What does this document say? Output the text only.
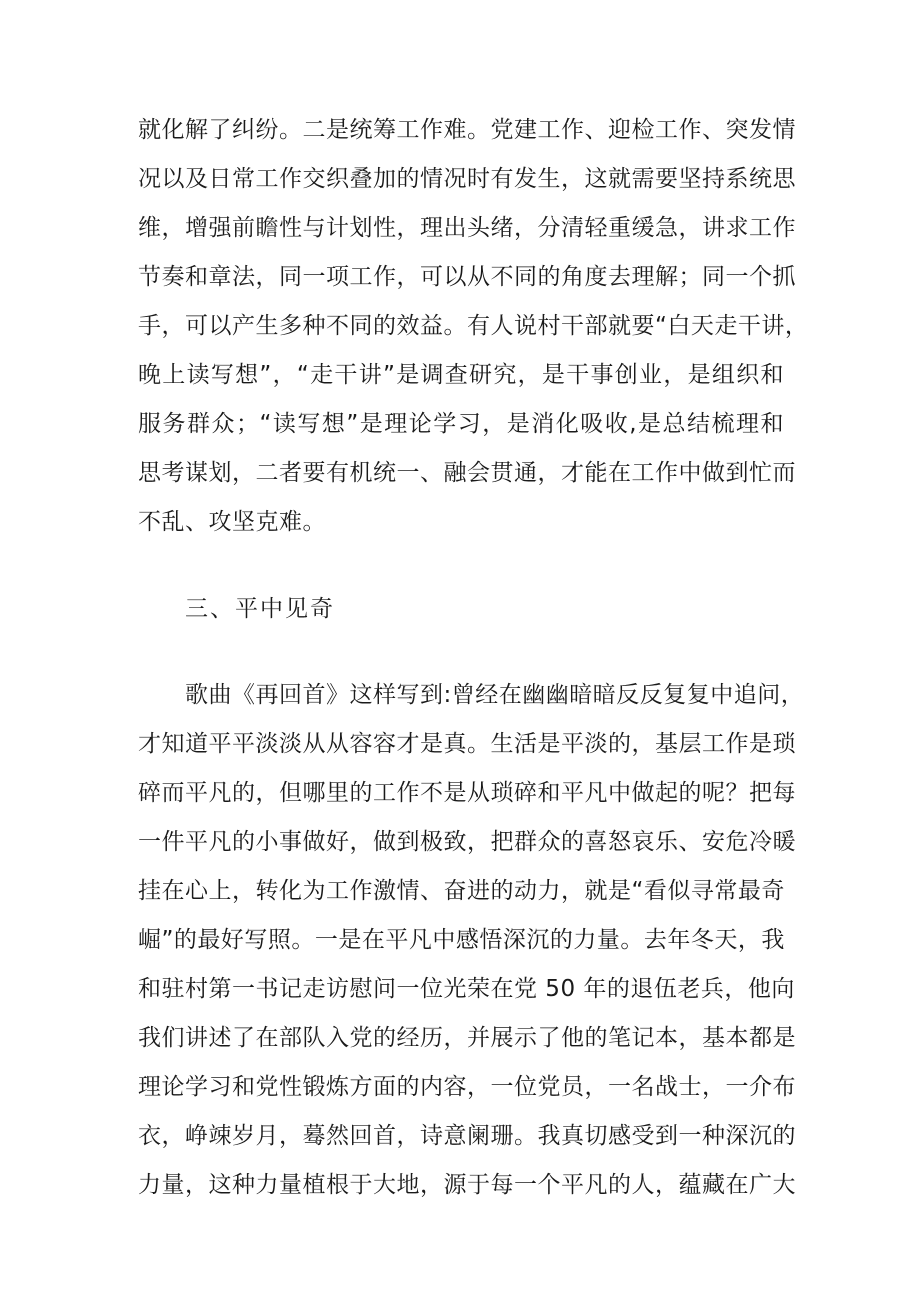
就化解了纠纷。二是统筹工作难。党建工作、迎检工作、突发情
况以及日常工作交织叠加的情况时有发生，这就需要坚持系统思
维，增强前瞻性与计划性，理出头绪，分清轻重缓急，讲求工作
节奏和章法，同一项工作，可以从不同的角度去理解；同一个抓
手，可以产生多种不同的效益。有人说村干部就要“白天走干讲，
晚上读写想”，“走干讲”是调查研究，是干事创业，是组织和
服务群众；“读写想”是理论学习，是消化吸收,是总结梳理和
思考谋划，二者要有机统一、融会贯通，才能在工作中做到忙而
不乱、攻坚克难。
三、平中见奇
歌曲《再回首》这样写到:曾经在幽幽暗暗反反复复中追问，
才知道平平淡淡从从容容才是真。生活是平淡的，基层工作是琐
碎而平凡的，但哪里的工作不是从琐碎和平凡中做起的呢？把每
一件平凡的小事做好，做到极致，把群众的喜怒哀乐、安危冷暖
挂在心上，转化为工作激情、奋进的动力，就是“看似寻常最奇
崛”的最好写照。一是在平凡中感悟深沉的力量。去年冬天，我
和驻村第一书记走访慰问一位光荣在党 50 年的退伍老兵，他向
我们讲述了在部队入党的经历，并展示了他的笔记本，基本都是
理论学习和党性锻炼方面的内容，一位党员，一名战士，一介布
衣，峥竦岁月，蓦然回首，诗意阑珊。我真切感受到一种深沉的
力量，这种力量植根于大地，源于每一个平凡的人，蕴藏在广大
